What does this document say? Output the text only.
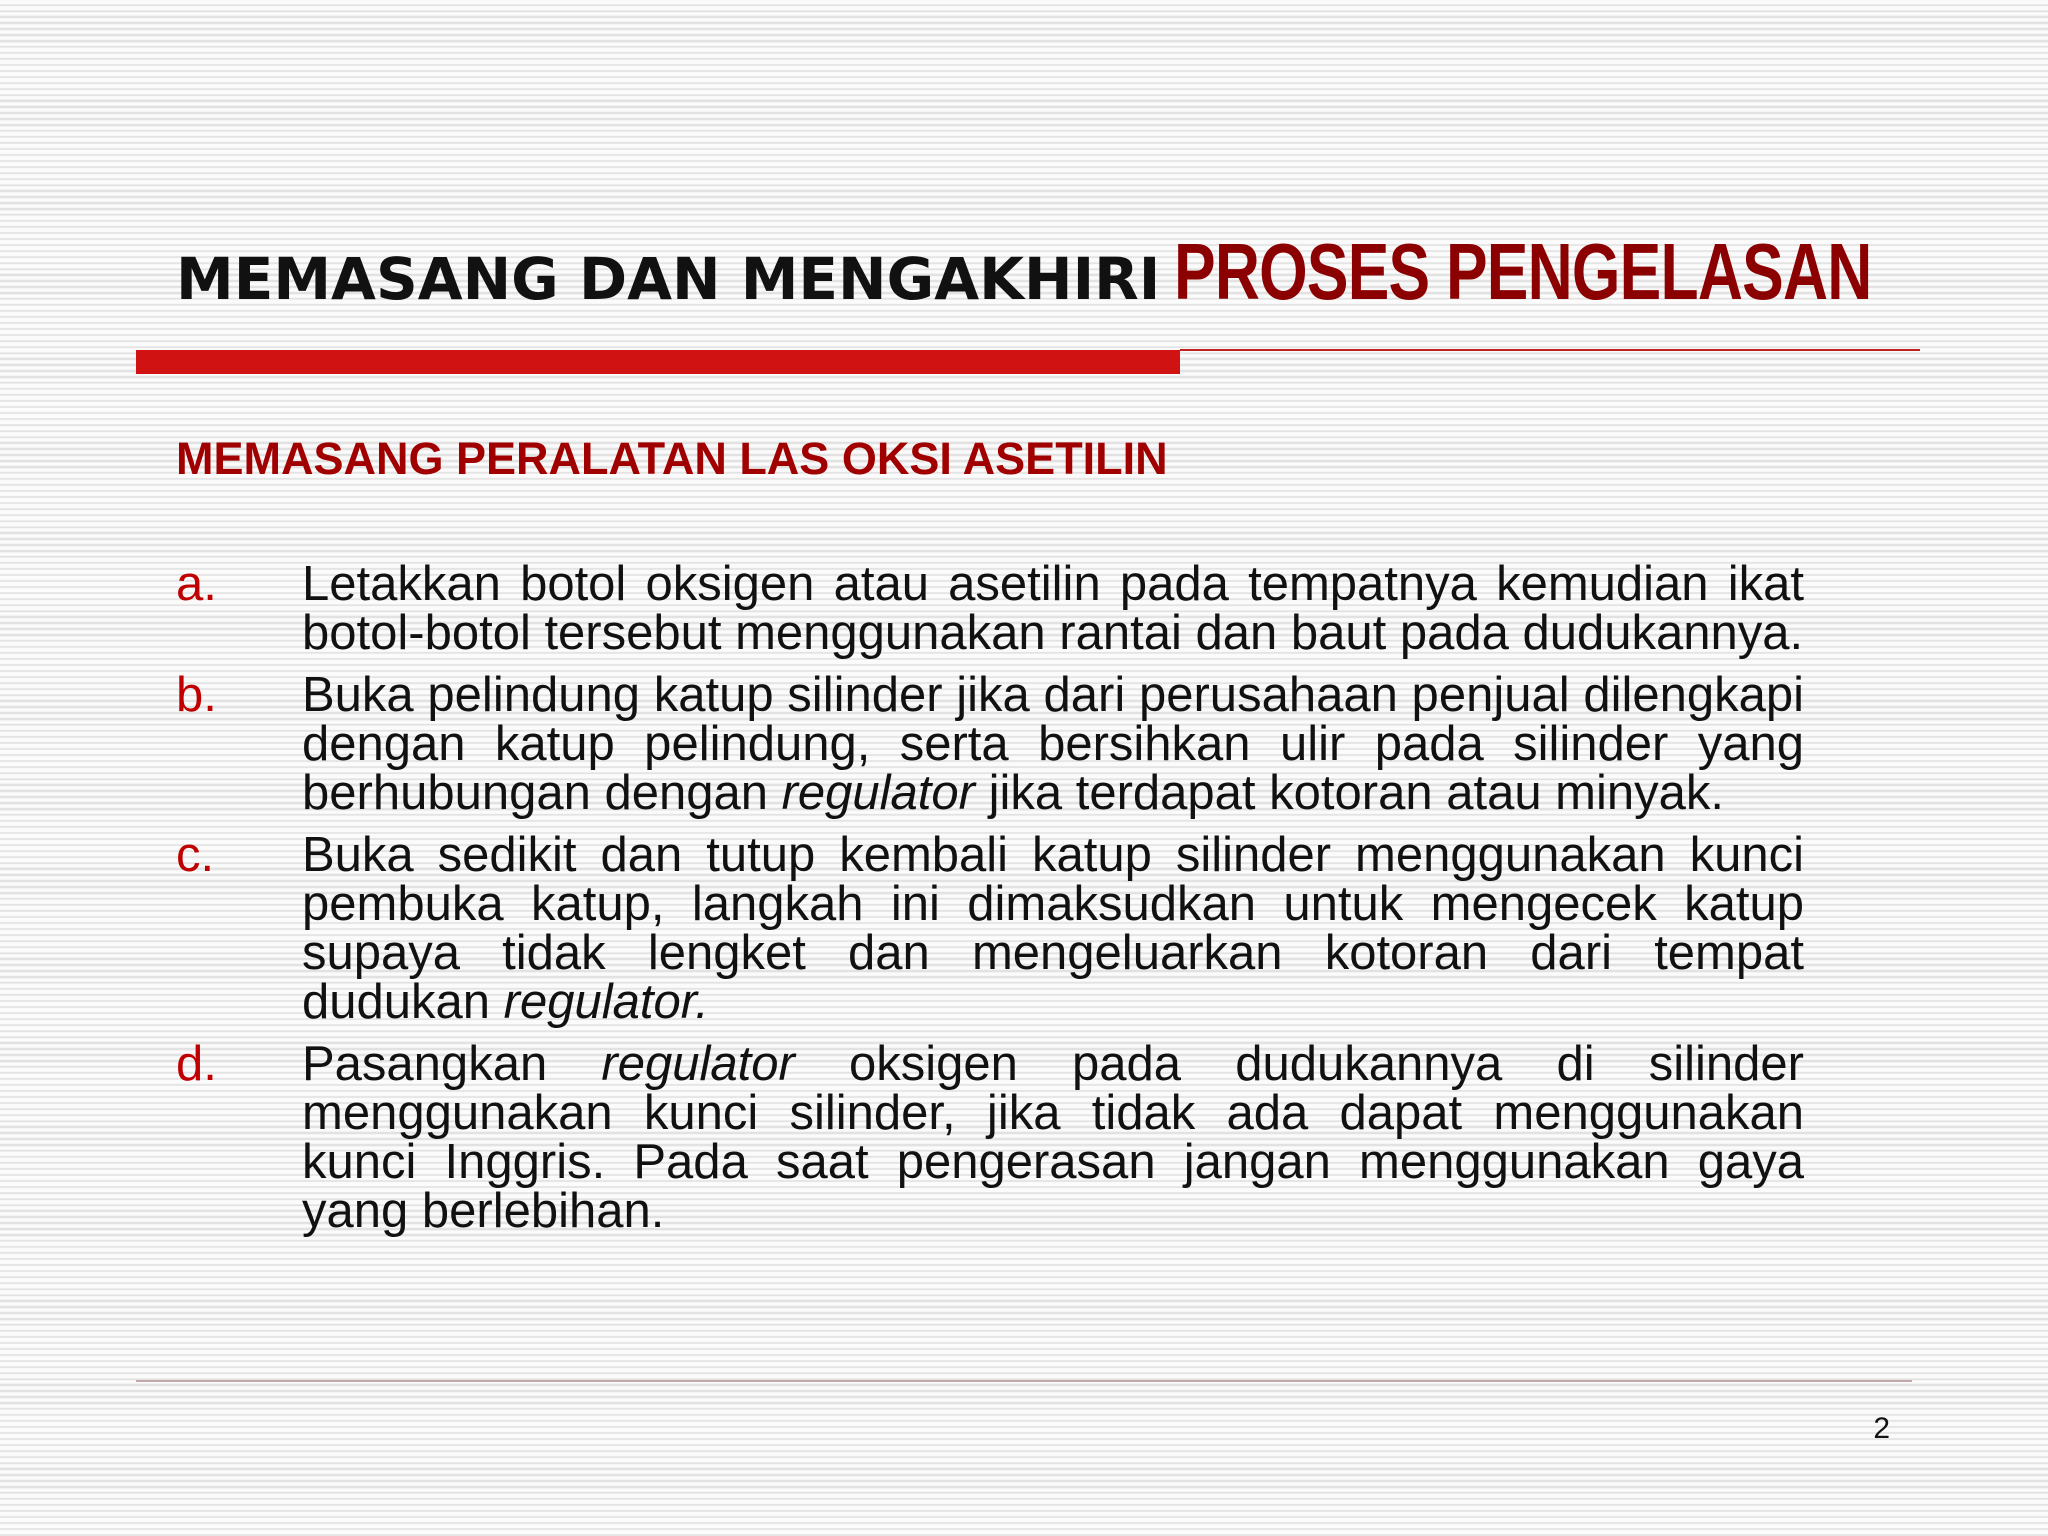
MEMASANG DAN MENGAKHIRI PROSES PENGELASAN
MEMASANG PERALATAN LAS OKSI ASETILIN
a. Letakkan botol oksigen atau asetilin pada tempatnya kemudian ikat botol-botol tersebut menggunakan rantai dan baut pada dudukannya.
b. Buka pelindung katup silinder jika dari perusahaan penjual dilengkapi dengan katup pelindung, serta bersihkan ulir pada silinder yang berhubungan dengan regulator jika terdapat kotoran atau minyak.
c. Buka sedikit dan tutup kembali katup silinder menggunakan kunci pembuka katup, langkah ini dimaksudkan untuk mengecek katup supaya tidak lengket dan mengeluarkan kotoran dari tempat dudukan regulator.
d. Pasangkan regulator oksigen pada dudukannya di silinder menggunakan kunci silinder, jika tidak ada dapat menggunakan kunci Inggris. Pada saat pengerasan jangan menggunakan gaya yang berlebihan.
2
